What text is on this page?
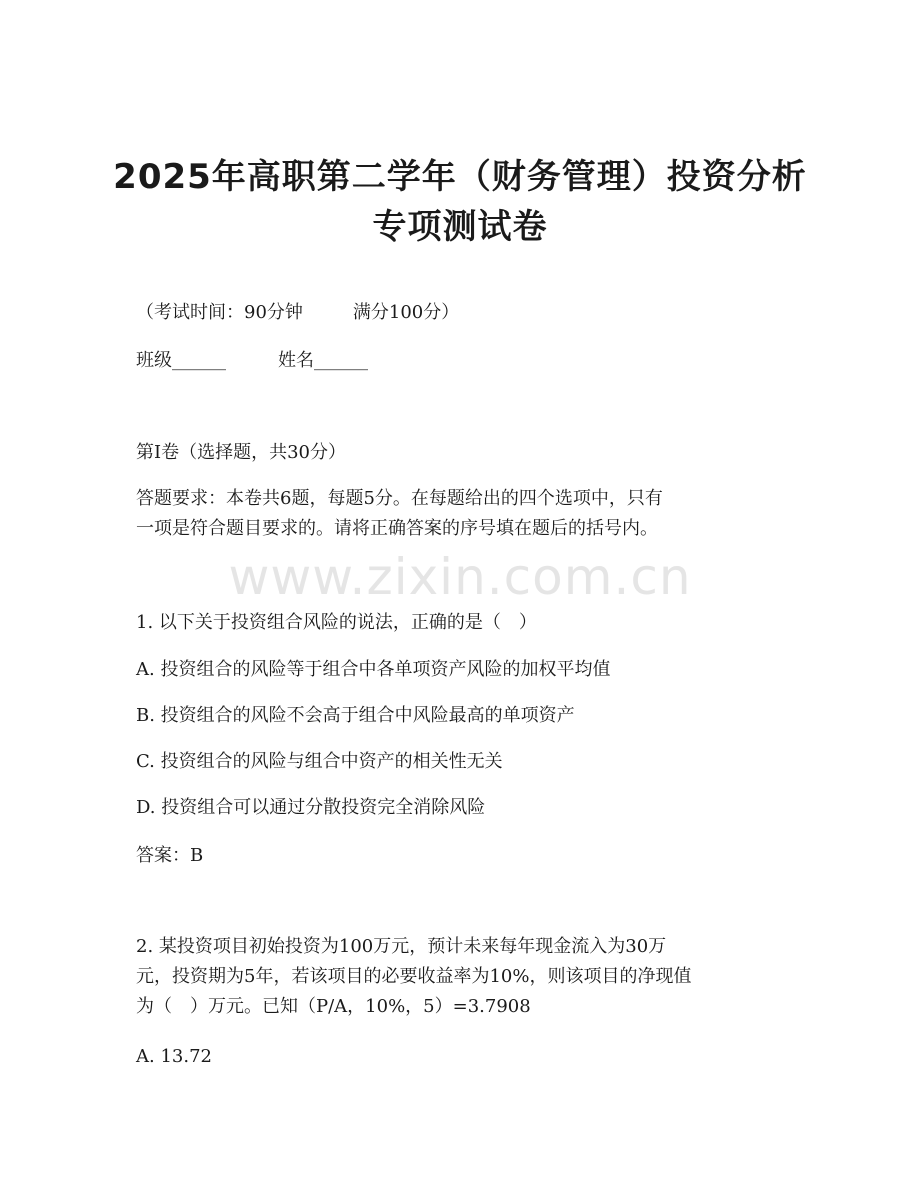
2025年高职第二学年（财务管理）投资分析
专项测试卷
（考试时间：90分钟	满分100分）
班级______	姓名______
第I卷（选择题，共30分）
答题要求：本卷共6题，每题5分。在每题给出的四个选项中，只有
一项是符合题目要求的。请将正确答案的序号填在题后的括号内。
www.zixin.com.cn
1. 以下关于投资组合风险的说法，正确的是（　）
A. 投资组合的风险等于组合中各单项资产风险的加权平均值
B. 投资组合的风险不会高于组合中风险最高的单项资产
C. 投资组合的风险与组合中资产的相关性无关
D. 投资组合可以通过分散投资完全消除风险
答案：B
2. 某投资项目初始投资为100万元，预计未来每年现金流入为30万
元，投资期为5年，若该项目的必要收益率为10%，则该项目的净现值
为（　）万元。已知（P/A，10%，5）=3.7908
A. 13.72
